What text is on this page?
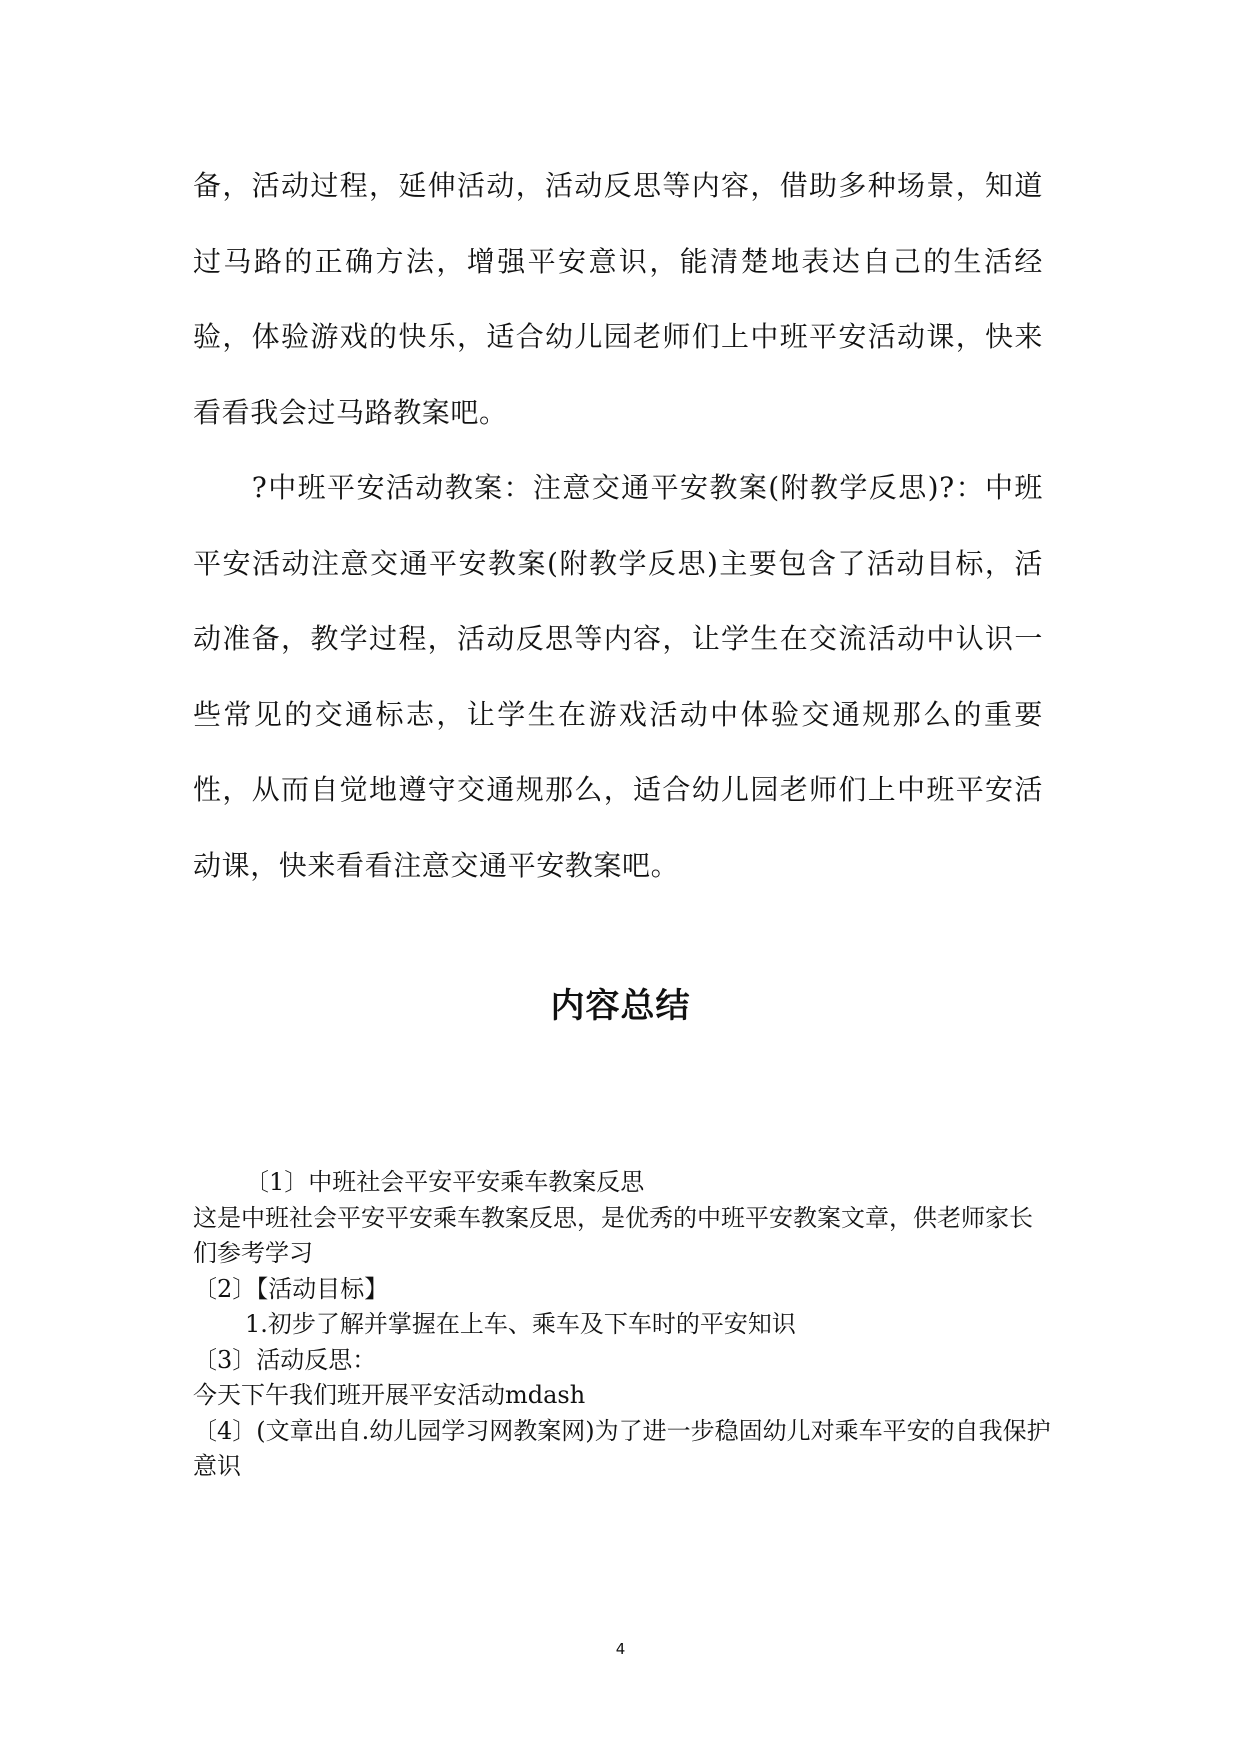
备，活动过程，延伸活动，活动反思等内容，借助多种场景，知道过马路的正确方法，增强平安意识，能清楚地表达自己的生活经验，体验游戏的快乐，适合幼儿园老师们上中班平安活动课，快来看看我会过马路教案吧。

?中班平安活动教案：注意交通平安教案(附教学反思)?：中班平安活动注意交通平安教案(附教学反思)主要包含了活动目标，活动准备，教学过程，活动反思等内容，让学生在交流活动中认识一些常见的交通标志，让学生在游戏活动中体验交通规那么的重要性，从而自觉地遵守交通规那么，适合幼儿园老师们上中班平安活动课，快来看看注意交通平安教案吧。

内容总结
〔1〕中班社会平安平安乘车教案反思
这是中班社会平安平安乘车教案反思，是优秀的中班平安教案文章，供老师家长们参考学习
〔2〕【活动目标】
1.初步了解并掌握在上车、乘车及下车时的平安知识
〔3〕活动反思：
今天下午我们班开展平安活动mdash
〔4〕(文章出自.幼儿园学习网教案网)为了进一步稳固幼儿对乘车平安的自我保护意识
4
